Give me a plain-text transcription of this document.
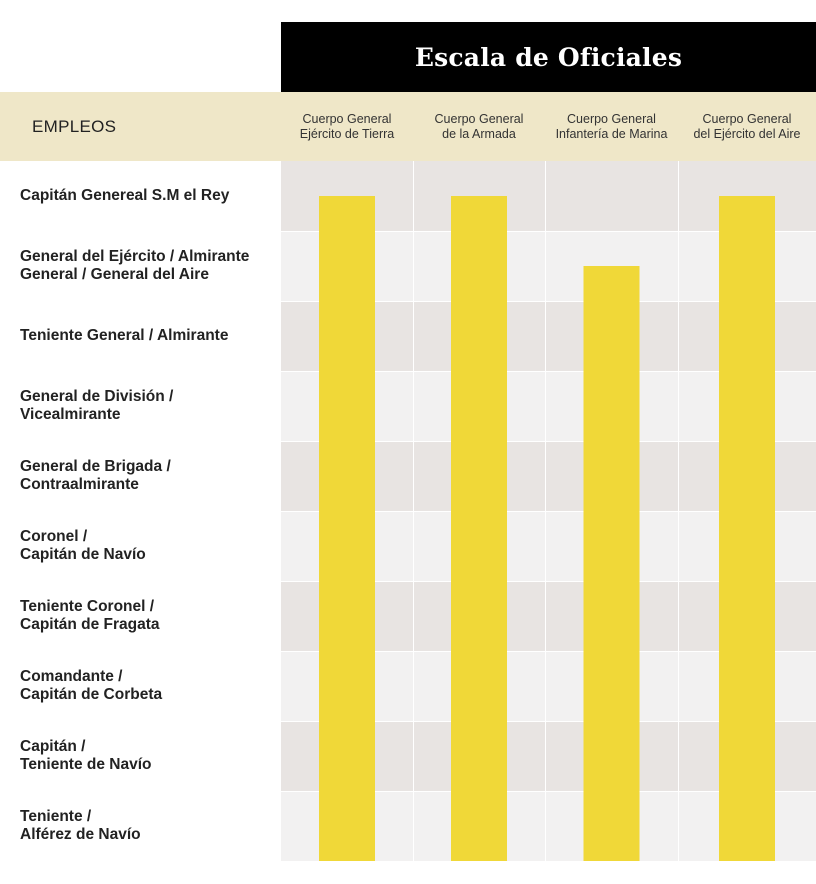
Escala de Oficiales
EMPLEOS	Cuerpo General
Ejército de Tierra
Cuerpo General
de la Armada
Cuerpo General
Infantería de Marina
Cuerpo General
del Ejército del Aire
Capitán Genereal S.M el Rey
General del Ejército / Almirante
General / General del Aire
Teniente General / Almirante
General de División /
Vicealmirante
General de Brigada /
Contraalmirante
Coronel /
Capitán de Navío
Teniente Coronel /
Capitán de Fragata
Comandante /
Capitán de Corbeta
Capitán /
Teniente de Navío
Teniente /
Alférez de Navío
